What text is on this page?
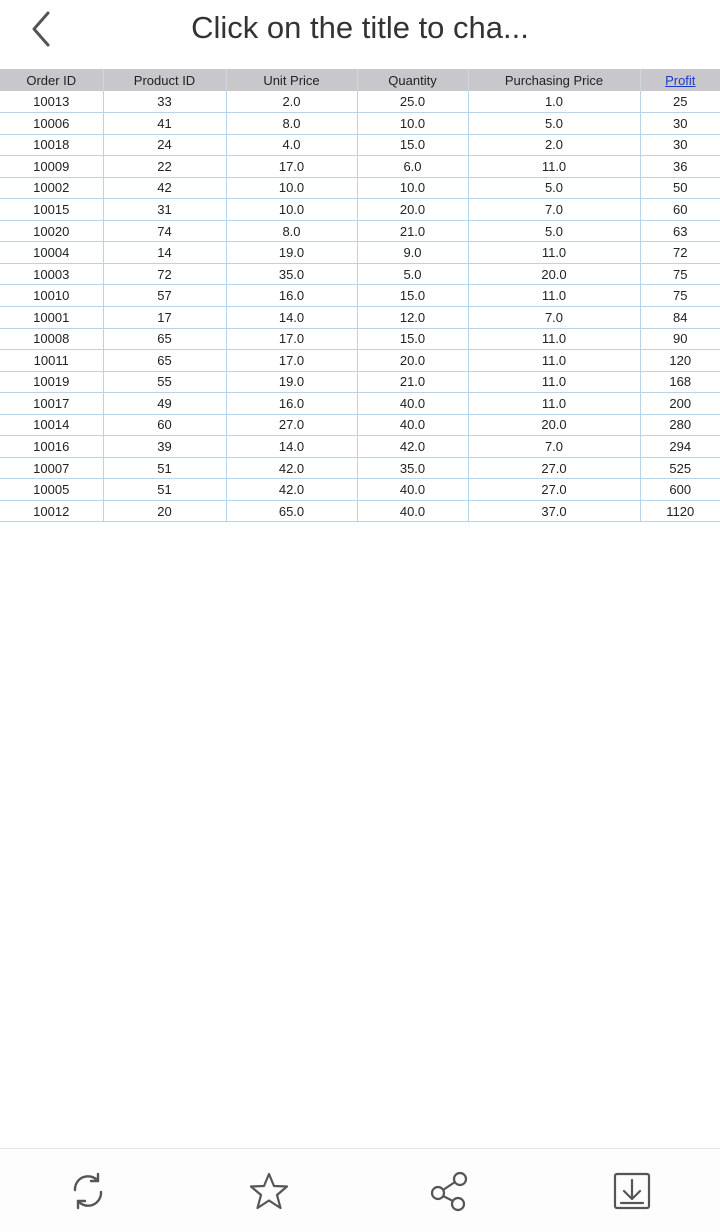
Click on the title to cha...
Order ID	Product ID	Unit Price	Quantity	Purchasing Price	Profit
10013	33	2.0	25.0	1.0	25
10006	41	8.0	10.0	5.0	30
10018	24	4.0	15.0	2.0	30
10009	22	17.0	6.0	11.0	36
10002	42	10.0	10.0	5.0	50
10015	31	10.0	20.0	7.0	60
10020	74	8.0	21.0	5.0	63
10004	14	19.0	9.0	11.0	72
10003	72	35.0	5.0	20.0	75
10010	57	16.0	15.0	11.0	75
10001	17	14.0	12.0	7.0	84
10008	65	17.0	15.0	11.0	90
10011	65	17.0	20.0	11.0	120
10019	55	19.0	21.0	11.0	168
10017	49	16.0	40.0	11.0	200
10014	60	27.0	40.0	20.0	280
10016	39	14.0	42.0	7.0	294
10007	51	42.0	35.0	27.0	525
10005	51	42.0	40.0	27.0	600
10012	20	65.0	40.0	37.0	1120
